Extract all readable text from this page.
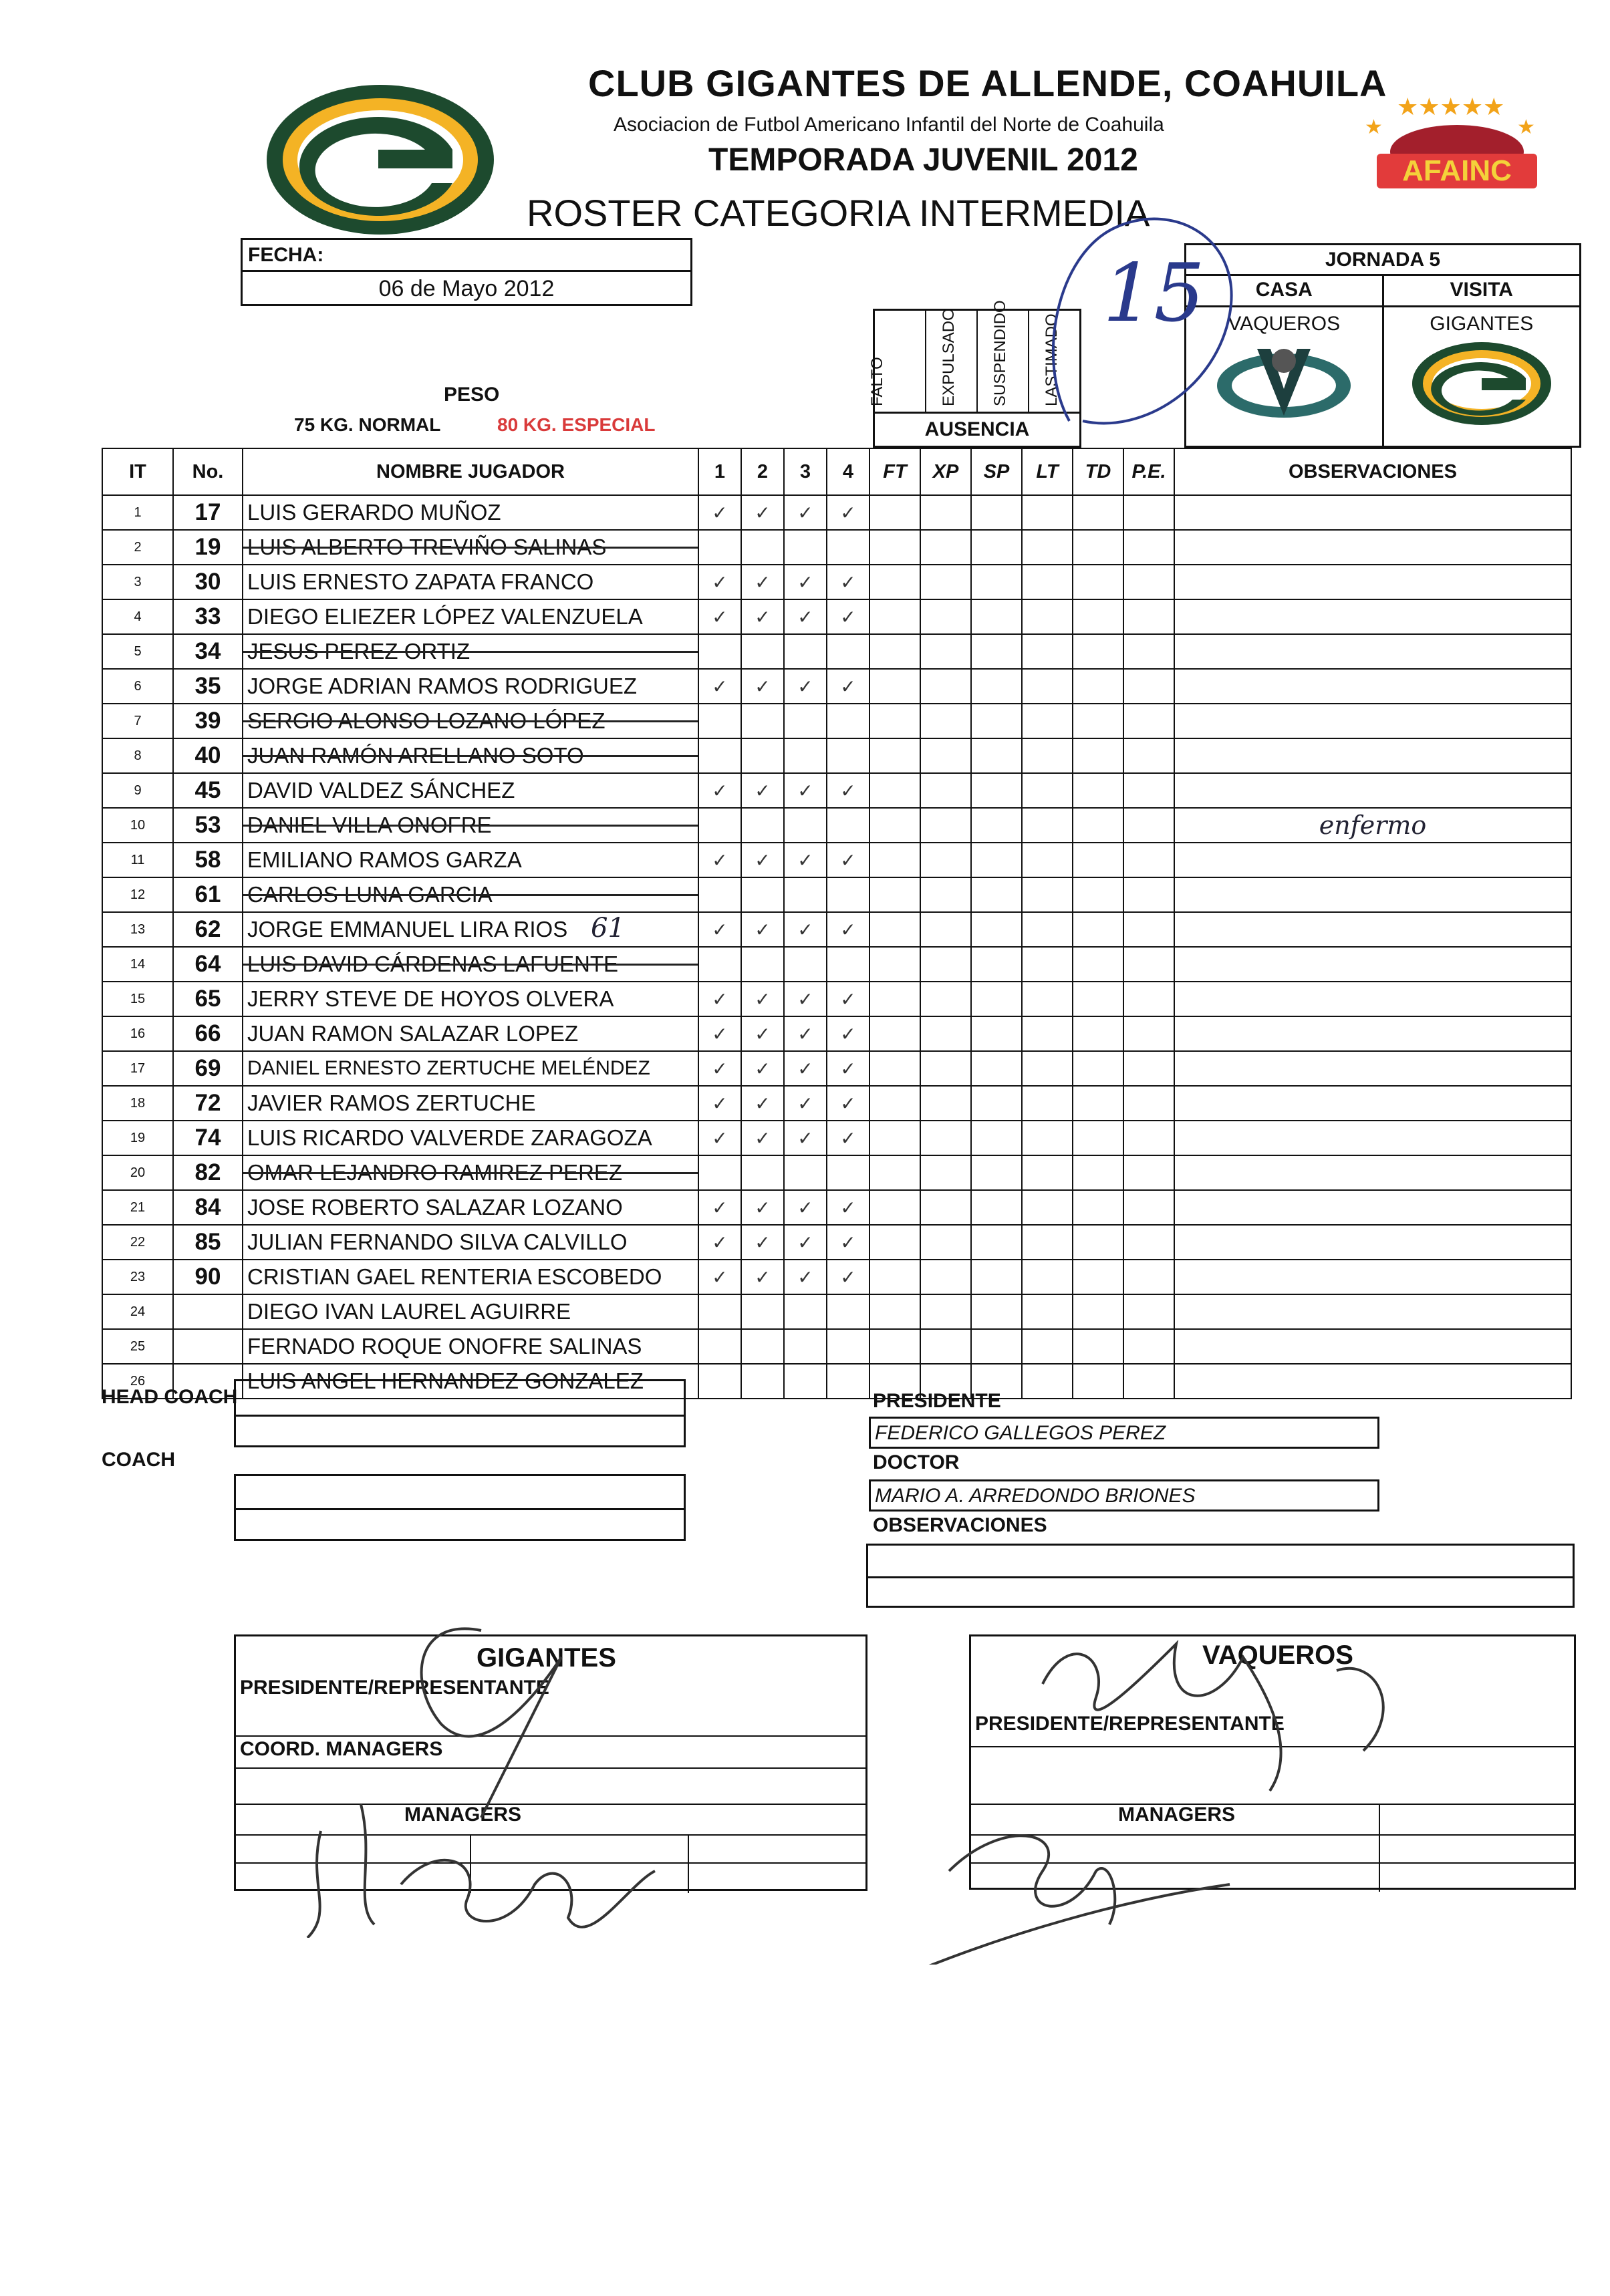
CLUB GIGANTES DE ALLENDE, COAHUILA
Asociacion de Futbol Americano Infantil del Norte de Coahuila
TEMPORADA JUVENIL 2012
ROSTER CATEGORIA INTERMEDIA
★★★★★
★	★
AFAINC
FECHA:
06 de Mayo 2012
PESO
75 KG. NORMAL	80 KG. ESPECIAL
FALTO	EXPULSADO SUSPENDIDO LASTIMADO
AUSENCIA
JORNADA 5
CASA
VAQUEROS
VISITA
GIGANTES
15
IT	No.	NOMBRE JUGADOR	1	2	3	4	FT	XP	SP	LT	TD	P.E.	OBSERVACIONES
1	17	LUIS GERARDO MUÑOZ	✓	✓	✓	✓							
2	19	LUIS ALBERTO TREVIÑO SALINAS

3	30	LUIS ERNESTO ZAPATA FRANCO	✓	✓	✓	✓							
4	33	DIEGO ELIEZER LÓPEZ VALENZUELA	✓	✓	✓	✓							
5	34	JESUS PEREZ ORTIZ

6	35	JORGE ADRIAN RAMOS RODRIGUEZ	✓	✓	✓	✓							
7	39	SERGIO ALONSO LOZANO LÓPEZ

8	40	JUAN RAMÓN ARELLANO SOTO

9	45	DAVID VALDEZ SÁNCHEZ	✓	✓	✓	✓							
10	53	DANIEL VILLA ONOFRE											enfermo
11	58	EMILIANO RAMOS GARZA	✓	✓	✓	✓							
12	61	CARLOS LUNA GARCIA

13	62	JORGE EMMANUEL LIRA RIOS 61	✓	✓	✓	✓							
14	64	LUIS DAVID CÁRDENAS LAFUENTE

15	65	JERRY STEVE DE HOYOS OLVERA	✓	✓	✓	✓							
16	66	JUAN RAMON SALAZAR LOPEZ	✓	✓	✓	✓							
17	69	DANIEL ERNESTO ZERTUCHE MELÉNDEZ	✓	✓	✓	✓							
18	72	JAVIER RAMOS ZERTUCHE	✓	✓	✓	✓							
19	74	LUIS RICARDO VALVERDE ZARAGOZA	✓	✓	✓	✓							
20	82	OMAR LEJANDRO RAMIREZ PEREZ

21	84	JOSE ROBERTO SALAZAR LOZANO	✓	✓	✓	✓							
22	85	JULIAN FERNANDO SILVA CALVILLO	✓	✓	✓	✓							
23	90	CRISTIAN GAEL RENTERIA ESCOBEDO	✓	✓	✓	✓							
24		DIEGO IVAN LAUREL AGUIRRE											
25		FERNADO ROQUE ONOFRE SALINAS											
26		LUIS ANGEL HERNANDEZ GONZALEZ											
HEAD COACH
COACH
PRESIDENTE
FEDERICO GALLEGOS PEREZ
DOCTOR
MARIO A. ARREDONDO BRIONES
OBSERVACIONES
GIGANTES
PRESIDENTE/REPRESENTANTE
COORD. MANAGERS
MANAGERS
VAQUEROS
PRESIDENTE/REPRESENTANTE
MANAGERS
